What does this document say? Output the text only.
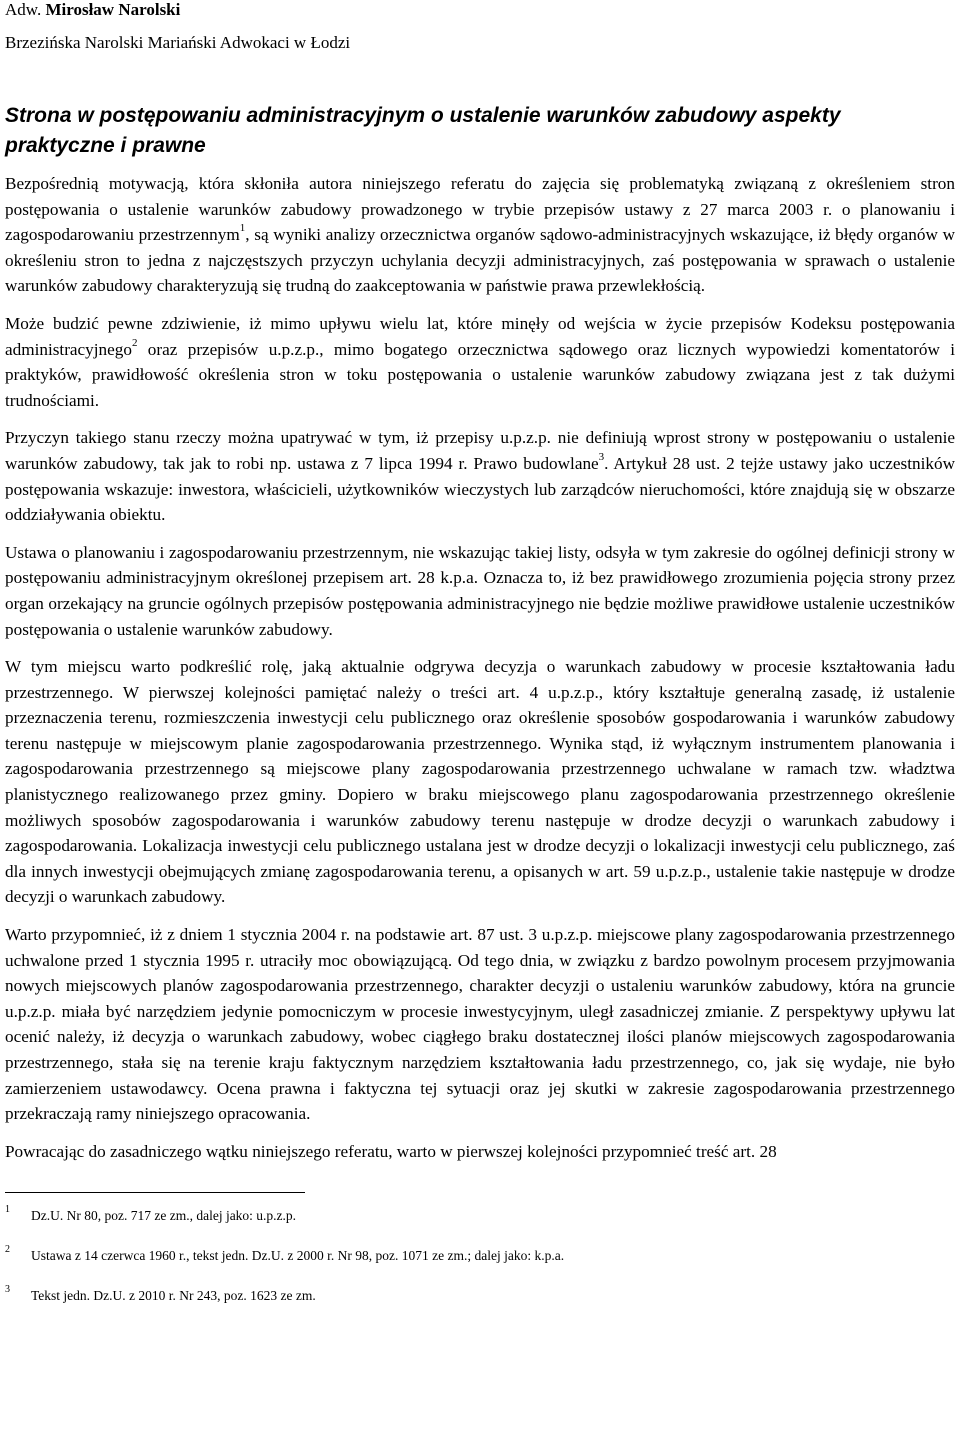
Adw. Mirosław Narolski
Brzezińska Narolski Mariański Adwokaci w Łodzi
Strona w postępowaniu administracyjnym o ustalenie warunków zabudowy aspekty praktyczne i prawne

Bezpośrednią motywacją, która skłoniła autora niniejszego referatu do zajęcia się problematyką związaną z określeniem stron postępowania o ustalenie warunków zabudowy prowadzonego w trybie przepisów ustawy z 27 marca 2003 r. o planowaniu i zagospodarowaniu przestrzennym$^1$, są wyniki analizy orzecznictwa organów sądowo-administracyjnych wskazujące, iż błędy organów w określeniu stron to jedna z najczęstszych przyczyn uchylania decyzji administracyjnych, zaś postępowania w sprawach o ustalenie warunków zabudowy charakteryzują się trudną do zaakceptowania w państwie prawa przewlekłością.

Może budzić pewne zdziwienie, iż mimo upływu wielu lat, które minęły od wejścia w życie przepisów Kodeksu postępowania administracyjnego$^2$ oraz przepisów u.p.z.p., mimo bogatego orzecznictwa sądowego oraz licznych wypowiedzi komentatorów i praktyków, prawidłowość określenia stron w toku postępowania o ustalenie warunków zabudowy związana jest z tak dużymi trudnościami.

Przyczyn takiego stanu rzeczy można upatrywać w tym, iż przepisy u.p.z.p. nie definiują wprost strony w postępowaniu o ustalenie warunków zabudowy, tak jak to robi np. ustawa z 7 lipca 1994 r. Prawo budowlane$^3$. Artykuł 28 ust. 2 tejże ustawy jako uczestników postępowania wskazuje: inwestora, właścicieli, użytkowników wieczystych lub zarządców nieruchomości, które znajdują się w obszarze oddziaływania obiektu.

Ustawa o planowaniu i zagospodarowaniu przestrzennym, nie wskazując takiej listy, odsyła w tym zakresie do ogólnej definicji strony w postępowaniu administracyjnym określonej przepisem art. 28 k.p.a. Oznacza to, iż bez prawidłowego zrozumienia pojęcia strony przez organ orzekający na gruncie ogólnych przepisów postępowania administracyjnego nie będzie możliwe prawidłowe ustalenie uczestników postępowania o ustalenie warunków zabudowy.

W tym miejscu warto podkreślić rolę, jaką aktualnie odgrywa decyzja o warunkach zabudowy w procesie kształtowania ładu przestrzennego. W pierwszej kolejności pamiętać należy o treści art. 4 u.p.z.p., który kształtuje generalną zasadę, iż ustalenie przeznaczenia terenu, rozmieszczenia inwestycji celu publicznego oraz określenie sposobów gospodarowania i warunków zabudowy terenu następuje w miejscowym planie zagospodarowania przestrzennego. Wynika stąd, iż wyłącznym instrumentem planowania i zagospodarowania przestrzennego są miejscowe plany zagospodarowania przestrzennego uchwalane w ramach tzw. władztwa planistycznego realizowanego przez gminy. Dopiero w braku miejscowego planu zagospodarowania przestrzennego określenie możliwych sposobów zagospodarowania i warunków zabudowy terenu następuje w drodze decyzji o warunkach zabudowy i zagospodarowania. Lokalizacja inwestycji celu publicznego ustalana jest w drodze decyzji o lokalizacji inwestycji celu publicznego, zaś dla innych inwestycji obejmujących zmianę zagospodarowania terenu, a opisanych w art. 59 u.p.z.p., ustalenie takie następuje w drodze decyzji o warunkach zabudowy.

Warto przypomnieć, iż z dniem 1 stycznia 2004 r. na podstawie art. 87 ust. 3 u.p.z.p. miejscowe plany zagospodarowania przestrzennego uchwalone przed 1 stycznia 1995 r. utraciły moc obowiązującą. Od tego dnia, w związku z bardzo powolnym procesem przyjmowania nowych miejscowych planów zagospodarowania przestrzennego, charakter decyzji o ustaleniu warunków zabudowy, która na gruncie u.p.z.p. miała być narzędziem jedynie pomocniczym w procesie inwestycyjnym, uległ zasadniczej zmianie. Z perspektywy upływu lat ocenić należy, iż decyzja o warunkach zabudowy, wobec ciągłego braku dostatecznej ilości planów miejscowych zagospodarowania przestrzennego, stała się na terenie kraju faktycznym narzędziem kształtowania ładu przestrzennego, co, jak się wydaje, nie było zamierzeniem ustawodawcy. Ocena prawna i faktyczna tej sytuacji oraz jej skutki w zakresie zagospodarowania przestrzennego przekraczają ramy niniejszego opracowania.

Powracając do zasadniczego wątku niniejszego referatu, warto w pierwszej kolejności przypomnieć treść art. 28

1 Dz.U. Nr 80, poz. 717 ze zm., dalej jako: u.p.z.p.
2 Ustawa z 14 czerwca 1960 r., tekst jedn. Dz.U. z 2000 r. Nr 98, poz. 1071 ze zm.; dalej jako: k.p.a.
3 Tekst jedn. Dz.U. z 2010 r. Nr 243, poz. 1623 ze zm.
